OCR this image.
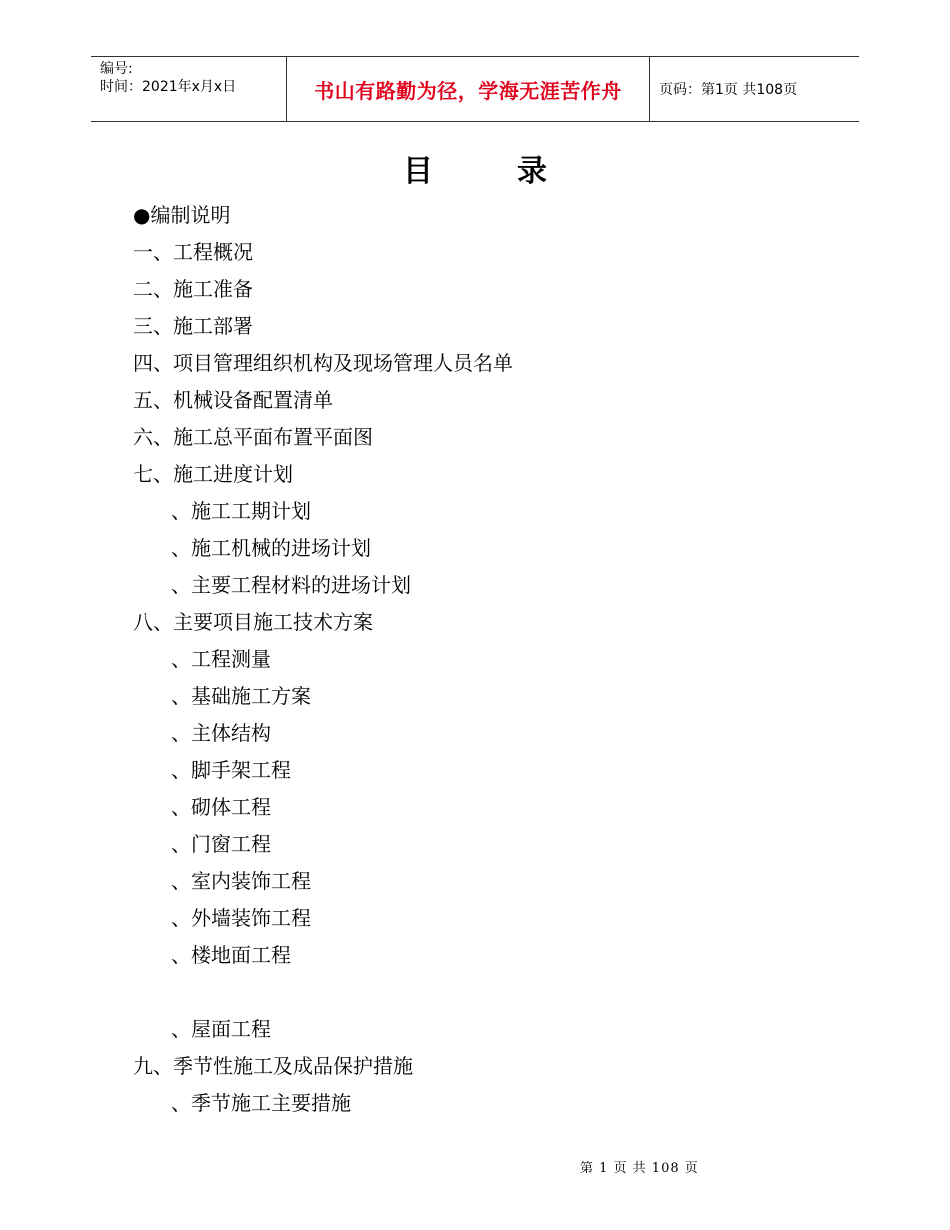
编号:
时间：2021年x月x日	书山有路勤为径，学海无涯苦作舟	页码：第1页 共108页
目	录
●编制说明
一、工程概况
二、施工准备
三、施工部署
四、项目管理组织机构及现场管理人员名单
五、机械设备配置清单
六、施工总平面布置平面图
七、施工进度计划
、施工工期计划
、施工机械的进场计划
、主要工程材料的进场计划
八、主要项目施工技术方案
、工程测量
、基础施工方案
、主体结构
、脚手架工程
、砌体工程
、门窗工程
、室内装饰工程
、外墙装饰工程
、楼地面工程
、屋面工程
九、季节性施工及成品保护措施
、季节施工主要措施
第 1 页 共 108 页
